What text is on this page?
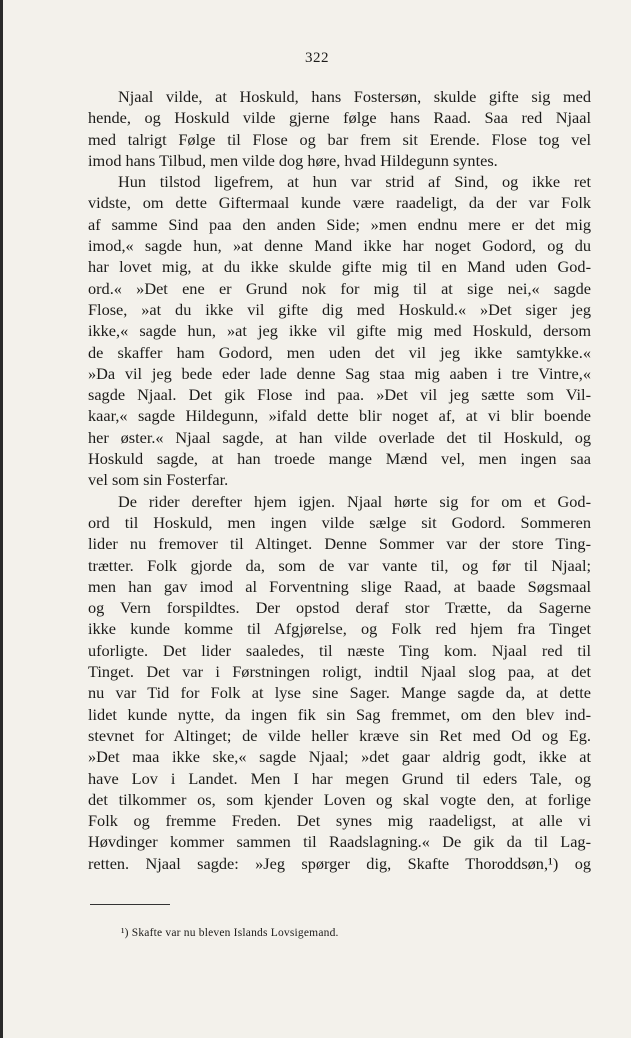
322
Njaal vilde, at Hoskuld, hans Fostersøn, skulde gifte sig med
hende, og Hoskuld vilde gjerne følge hans Raad. Saa red Njaal
med talrigt Følge til Flose og bar frem sit Erende. Flose tog vel
imod hans Tilbud, men vilde dog høre, hvad Hildegunn syntes.
Hun tilstod ligefrem, at hun var strid af Sind, og ikke ret
vidste, om dette Giftermaal kunde være raadeligt, da der var Folk
af samme Sind paa den anden Side; »men endnu mere er det mig
imod,« sagde hun, »at denne Mand ikke har noget Godord, og du
har lovet mig, at du ikke skulde gifte mig til en Mand uden God-
ord.« »Det ene er Grund nok for mig til at sige nei,« sagde
Flose, »at du ikke vil gifte dig med Hoskuld.« »Det siger jeg
ikke,« sagde hun, »at jeg ikke vil gifte mig med Hoskuld, dersom
de skaffer ham Godord, men uden det vil jeg ikke samtykke.«
»Da vil jeg bede eder lade denne Sag staa mig aaben i tre Vintre,«
sagde Njaal. Det gik Flose ind paa. »Det vil jeg sætte som Vil-
kaar,« sagde Hildegunn, »ifald dette blir noget af, at vi blir boende
her øster.« Njaal sagde, at han vilde overlade det til Hoskuld, og
Hoskuld sagde, at han troede mange Mænd vel, men ingen saa
vel som sin Fosterfar.
De rider derefter hjem igjen. Njaal hørte sig for om et God-
ord til Hoskuld, men ingen vilde sælge sit Godord. Sommeren
lider nu fremover til Altinget. Denne Sommer var der store Ting-
trætter. Folk gjorde da, som de var vante til, og før til Njaal;
men han gav imod al Forventning slige Raad, at baade Søgsmaal
og Vern forspildtes. Der opstod deraf stor Trætte, da Sagerne
ikke kunde komme til Afgjørelse, og Folk red hjem fra Tinget
uforligte. Det lider saaledes, til næste Ting kom. Njaal red til
Tinget. Det var i Førstningen roligt, indtil Njaal slog paa, at det
nu var Tid for Folk at lyse sine Sager. Mange sagde da, at dette
lidet kunde nytte, da ingen fik sin Sag fremmet, om den blev ind-
stevnet for Altinget; de vilde heller kræve sin Ret med Od og Eg.
»Det maa ikke ske,« sagde Njaal; »det gaar aldrig godt, ikke at
have Lov i Landet. Men I har megen Grund til eders Tale, og
det tilkommer os, som kjender Loven og skal vogte den, at forlige
Folk og fremme Freden. Det synes mig raadeligst, at alle vi
Høvdinger kommer sammen til Raadslagning.« De gik da til Lag-
retten. Njaal sagde: »Jeg spørger dig, Skafte Thoroddsøn,¹) og
¹) Skafte var nu bleven Islands Lovsigemand.
